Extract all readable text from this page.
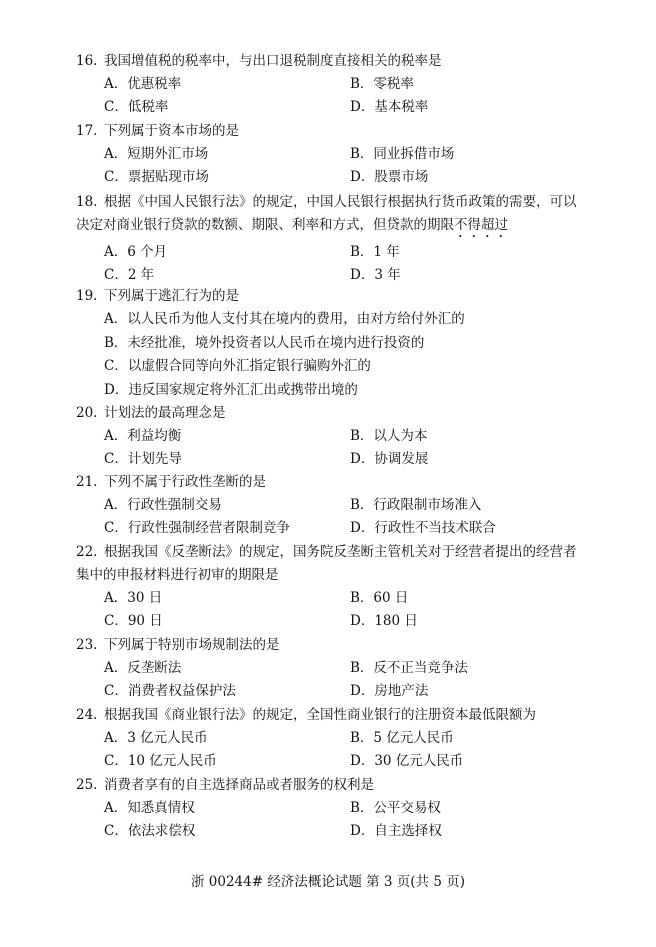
16. 我国增值税的税率中，与出口退税制度直接相关的税率是
A．优惠税率	B．零税率
C．低税率	D．基本税率
17. 下列属于资本市场的是
A．短期外汇市场	B．同业拆借市场
C．票据贴现市场	D．股票市场
18. 根据《中国人民银行法》的规定，中国人民银行根据执行货币政策的需要，可以决定对商业银行贷款的数额、期限、利率和方式，但贷款的期限不得超过
A．6 个月	B．1 年
C．2 年	D．3 年
19. 下列属于逃汇行为的是
A．以人民币为他人支付其在境内的费用，由对方给付外汇的
B．未经批准，境外投资者以人民币在境内进行投资的
C．以虚假合同等向外汇指定银行骗购外汇的
D．违反国家规定将外汇汇出或携带出境的
20. 计划法的最高理念是
A．利益均衡	B．以人为本
C．计划先导	D．协调发展
21. 下列不属于行政性垄断的是
A．行政性强制交易	B．行政限制市场准入
C．行政性强制经营者限制竞争	D．行政性不当技术联合
22. 根据我国《反垄断法》的规定，国务院反垄断主管机关对于经营者提出的经营者集中的申报材料进行初审的期限是
A．30 日	B．60 日
C．90 日	D．180 日
23. 下列属于特别市场规制法的是
A．反垄断法	B．反不正当竞争法
C．消费者权益保护法	D．房地产法
24. 根据我国《商业银行法》的规定，全国性商业银行的注册资本最低限额为
A．3 亿元人民币	B．5 亿元人民币
C．10 亿元人民币	D．30 亿元人民币
25. 消费者享有的自主选择商品或者服务的权利是
A．知悉真情权	B．公平交易权
C．依法求偿权	D．自主选择权
浙 00244# 经济法概论试题 第 3 页(共 5 页)
